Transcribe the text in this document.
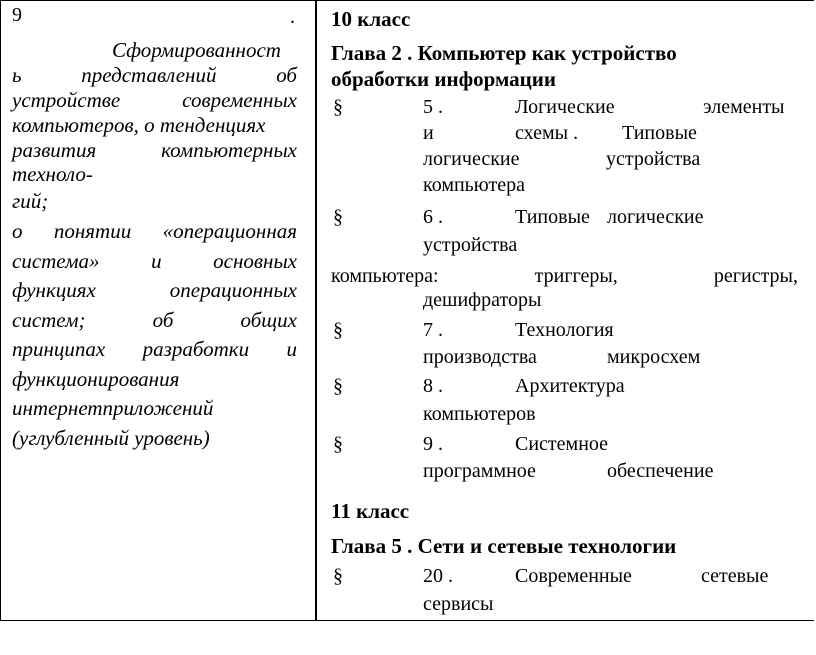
9	.
Сформированност
ь	представлений	об
устройстве	современных
компьютеров, о тенденциях
развития	компьютерных
техноло-
гий;
о понятии «операционная
система» и основных
функциях	операционных
систем;	об	общих
принципах разработки и
функционирования
интернетприложений
(углубленный уровень)
10 класс
Глава 2 . Компьютер как устройство
обработки информации
§	5 .	Логические	элементы
и	схемы . Типовые
логические	устройства
компьютера
§	6 .	Типовые логические
устройства
компьютера:	триггеры,	регистры,
дешифраторы
§	7 .	Технология
производства	микросхем
§	8 .	Архитектура
компьютеров
§	9 .	Системное
программное	обеспечение
11 класс
Глава 5 . Сети и сетевые технологии
§	20 .	Современные	сетевые
сервисы
